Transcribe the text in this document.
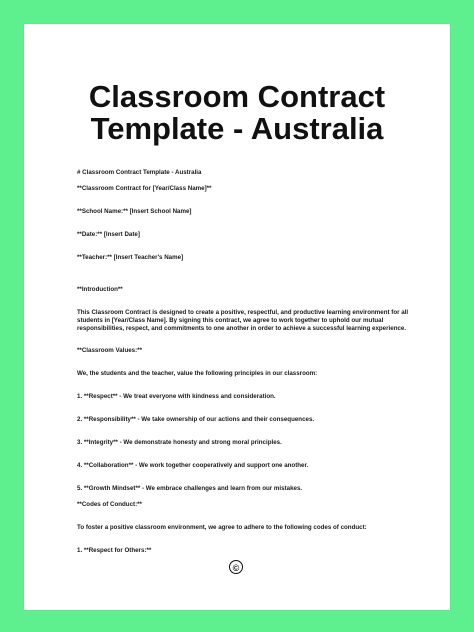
Classroom Contract
Template - Australia

# Classroom Contract Template - Australia

**Classroom Contract for [Year/Class Name]**

**School Name:** [Insert School Name]

**Date:** [Insert Date]

**Teacher:** [Insert Teacher's Name]

**Introduction**

This Classroom Contract is designed to create a positive, respectful, and productive learning environment for all students in [Year/Class Name]. By signing this contract, we agree to work together to uphold our mutual responsibilities, respect, and commitments to one another in order to achieve a successful learning experience.

**Classroom Values:**

We, the students and the teacher, value the following principles in our classroom:

1. **Respect** - We treat everyone with kindness and consideration.

2. **Responsibility** - We take ownership of our actions and their consequences.

3. **Integrity** - We demonstrate honesty and strong moral principles.

4. **Collaboration** - We work together cooperatively and support one another.

5. **Growth Mindset** - We embrace challenges and learn from our mistakes.

**Codes of Conduct:**

To foster a positive classroom environment, we agree to adhere to the following codes of conduct:

1. **Respect for Others:**

©
